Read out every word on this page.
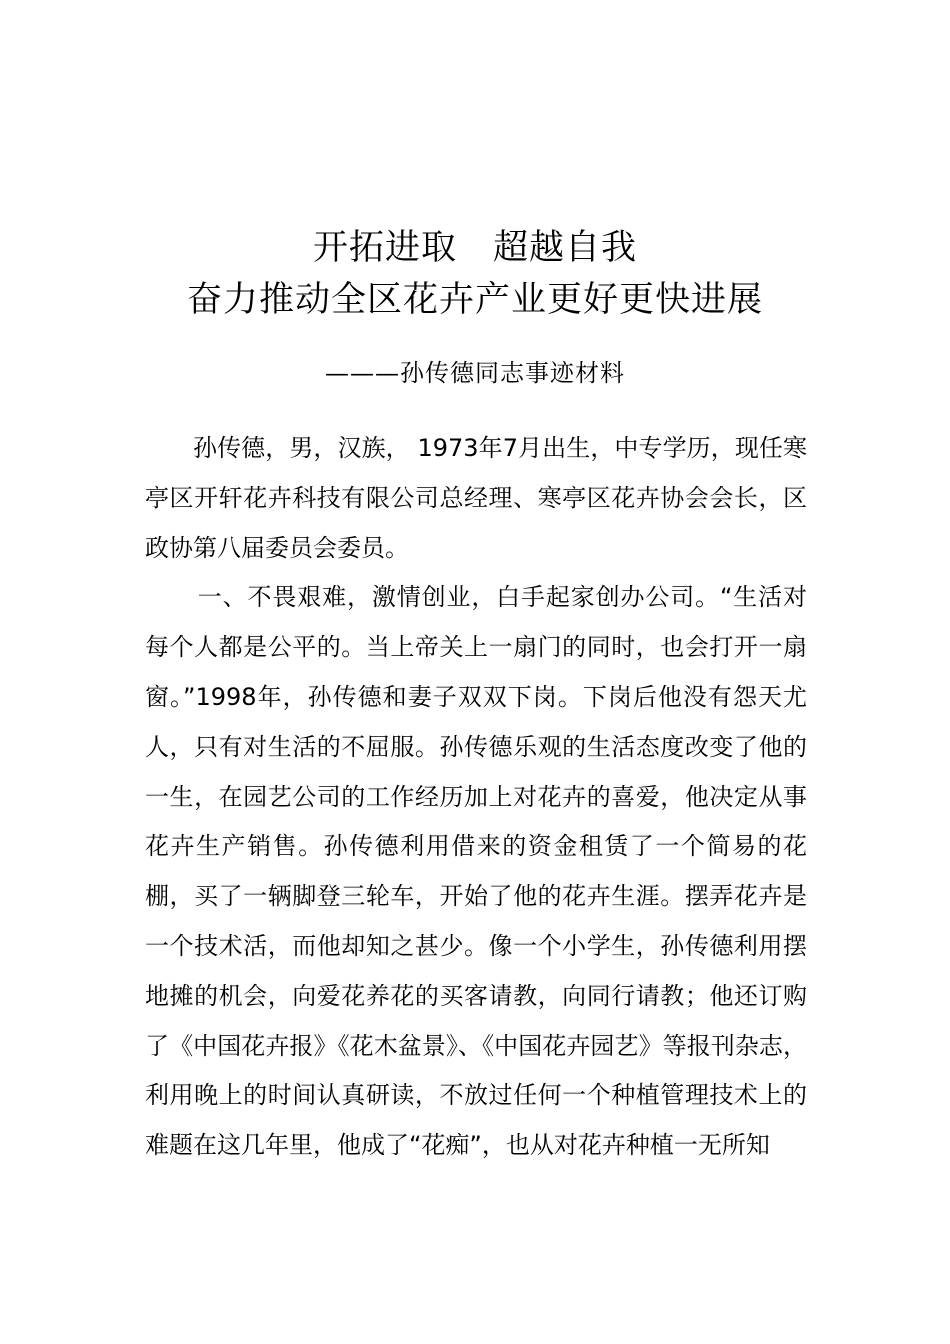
开拓进取　超越自我
奋力推动全区花卉产业更好更快进展
———孙传德同志事迹材料

孙传德，男，汉族， 1973年7月出生，中专学历，现任寒亭区开轩花卉科技有限公司总经理、寒亭区花卉协会会长，区政协第八届委员会委员。

一、不畏艰难，激情创业，白手起家创办公司。“生活对每个人都是公平的。当上帝关上一扇门的同时，也会打开一扇窗。”1998年，孙传德和妻子双双下岗。下岗后他没有怨天尤人，只有对生活的不屈服。孙传德乐观的生活态度改变了他的一生，在园艺公司的工作经历加上对花卉的喜爱，他决定从事花卉生产销售。孙传德利用借来的资金租赁了一个简易的花棚，买了一辆脚登三轮车，开始了他的花卉生涯。摆弄花卉是一个技术活，而他却知之甚少。像一个小学生，孙传德利用摆地摊的机会，向爱花养花的买客请教，向同行请教；他还订购了《中国花卉报》《花木盆景》、《中国花卉园艺》等报刊杂志，利用晚上的时间认真研读，不放过任何一个种植管理技术上的难题在这几年里，他成了“花痴”，也从对花卉种植一无所知
